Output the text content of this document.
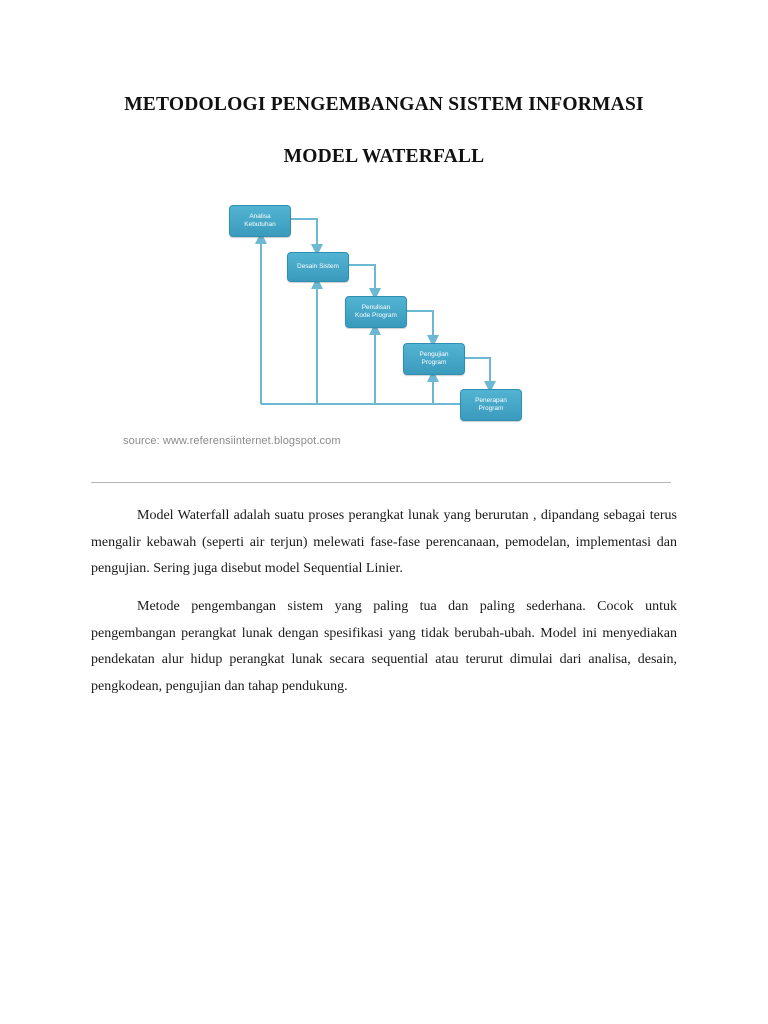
METODOLOGI PENGEMBANGAN SISTEM INFORMASI
MODEL WATERFALL
Analisa
Kebutuhan
Desain Sistem
Penulisan
Kode Program
Pengujian
Program
Penerapan
Program
source: www.referensiinternet.blogspot.com

Model Waterfall adalah suatu proses perangkat lunak yang berurutan , dipandang sebagai terus mengalir kebawah (seperti air terjun) melewati fase-fase perencanaan, pemodelan, implementasi dan pengujian. Sering juga disebut model Sequential Linier.

Metode pengembangan sistem yang paling tua dan paling sederhana. Cocok untuk pengembangan perangkat lunak dengan spesifikasi yang tidak berubah-ubah. Model ini menyediakan pendekatan alur hidup perangkat lunak secara sequential atau terurut dimulai dari analisa, desain, pengkodean, pengujian dan tahap pendukung.
